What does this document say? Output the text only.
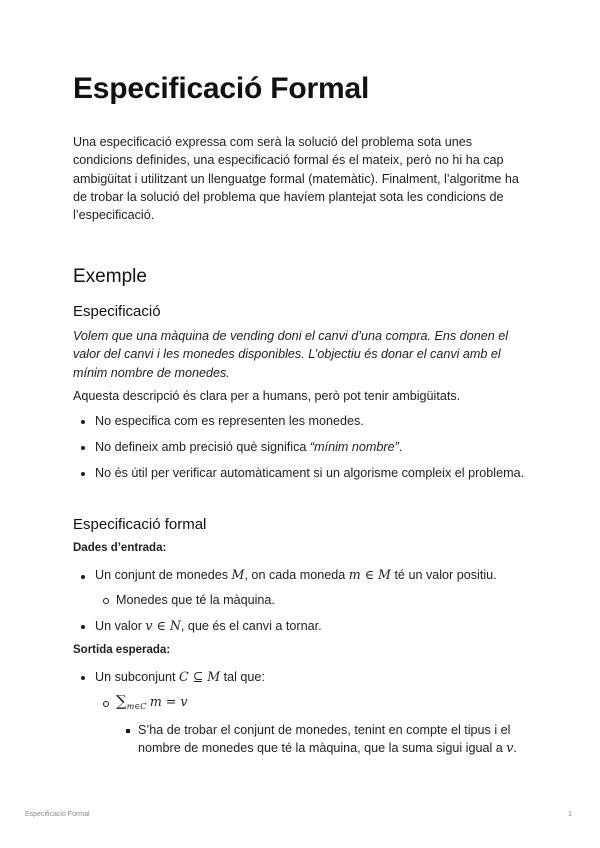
Especificació Formal

Una especificació expressa com serà la solució del problema sota unes condicions definides, una especificació formal és el mateix, però no hi ha cap ambigüitat i utilitzant un llenguatge formal (matemàtic). Finalment, l’algoritme ha de trobar la solució del problema que havíem plantejat sota les condicions de l’especificació.

Exemple
Especificació

Volem que una màquina de vending doni el canvi d’una compra. Ens donen el valor del canvi i les monedes disponibles. L’objectiu és donar el canvi amb el mínim nombre de monedes.

Aquesta descripció és clara per a humans, però pot tenir ambigüitats.

No especifica com es representen les monedes.
No defineix amb precisió què significa “mínim nombre”.
No és útil per verificar automàticament si un algorisme compleix el problema.
Especificació formal

Dades d’entrada:

Un conjunt de monedes M, on cada moneda m ∈ M té un valor positiu.
Monedes que té la màquina.
Un valor v ∈ N, que és el canvi a tornar.

Sortida esperada:

Un subconjunt C ⊆ M tal que:
$\sum_{m\in C}$ m = v
S’ha de trobar el conjunt de monedes, tenint en compte el tipus i el nombre de monedes que té la màquina, que la suma sigui igual a v.
Especificació Formal	1
